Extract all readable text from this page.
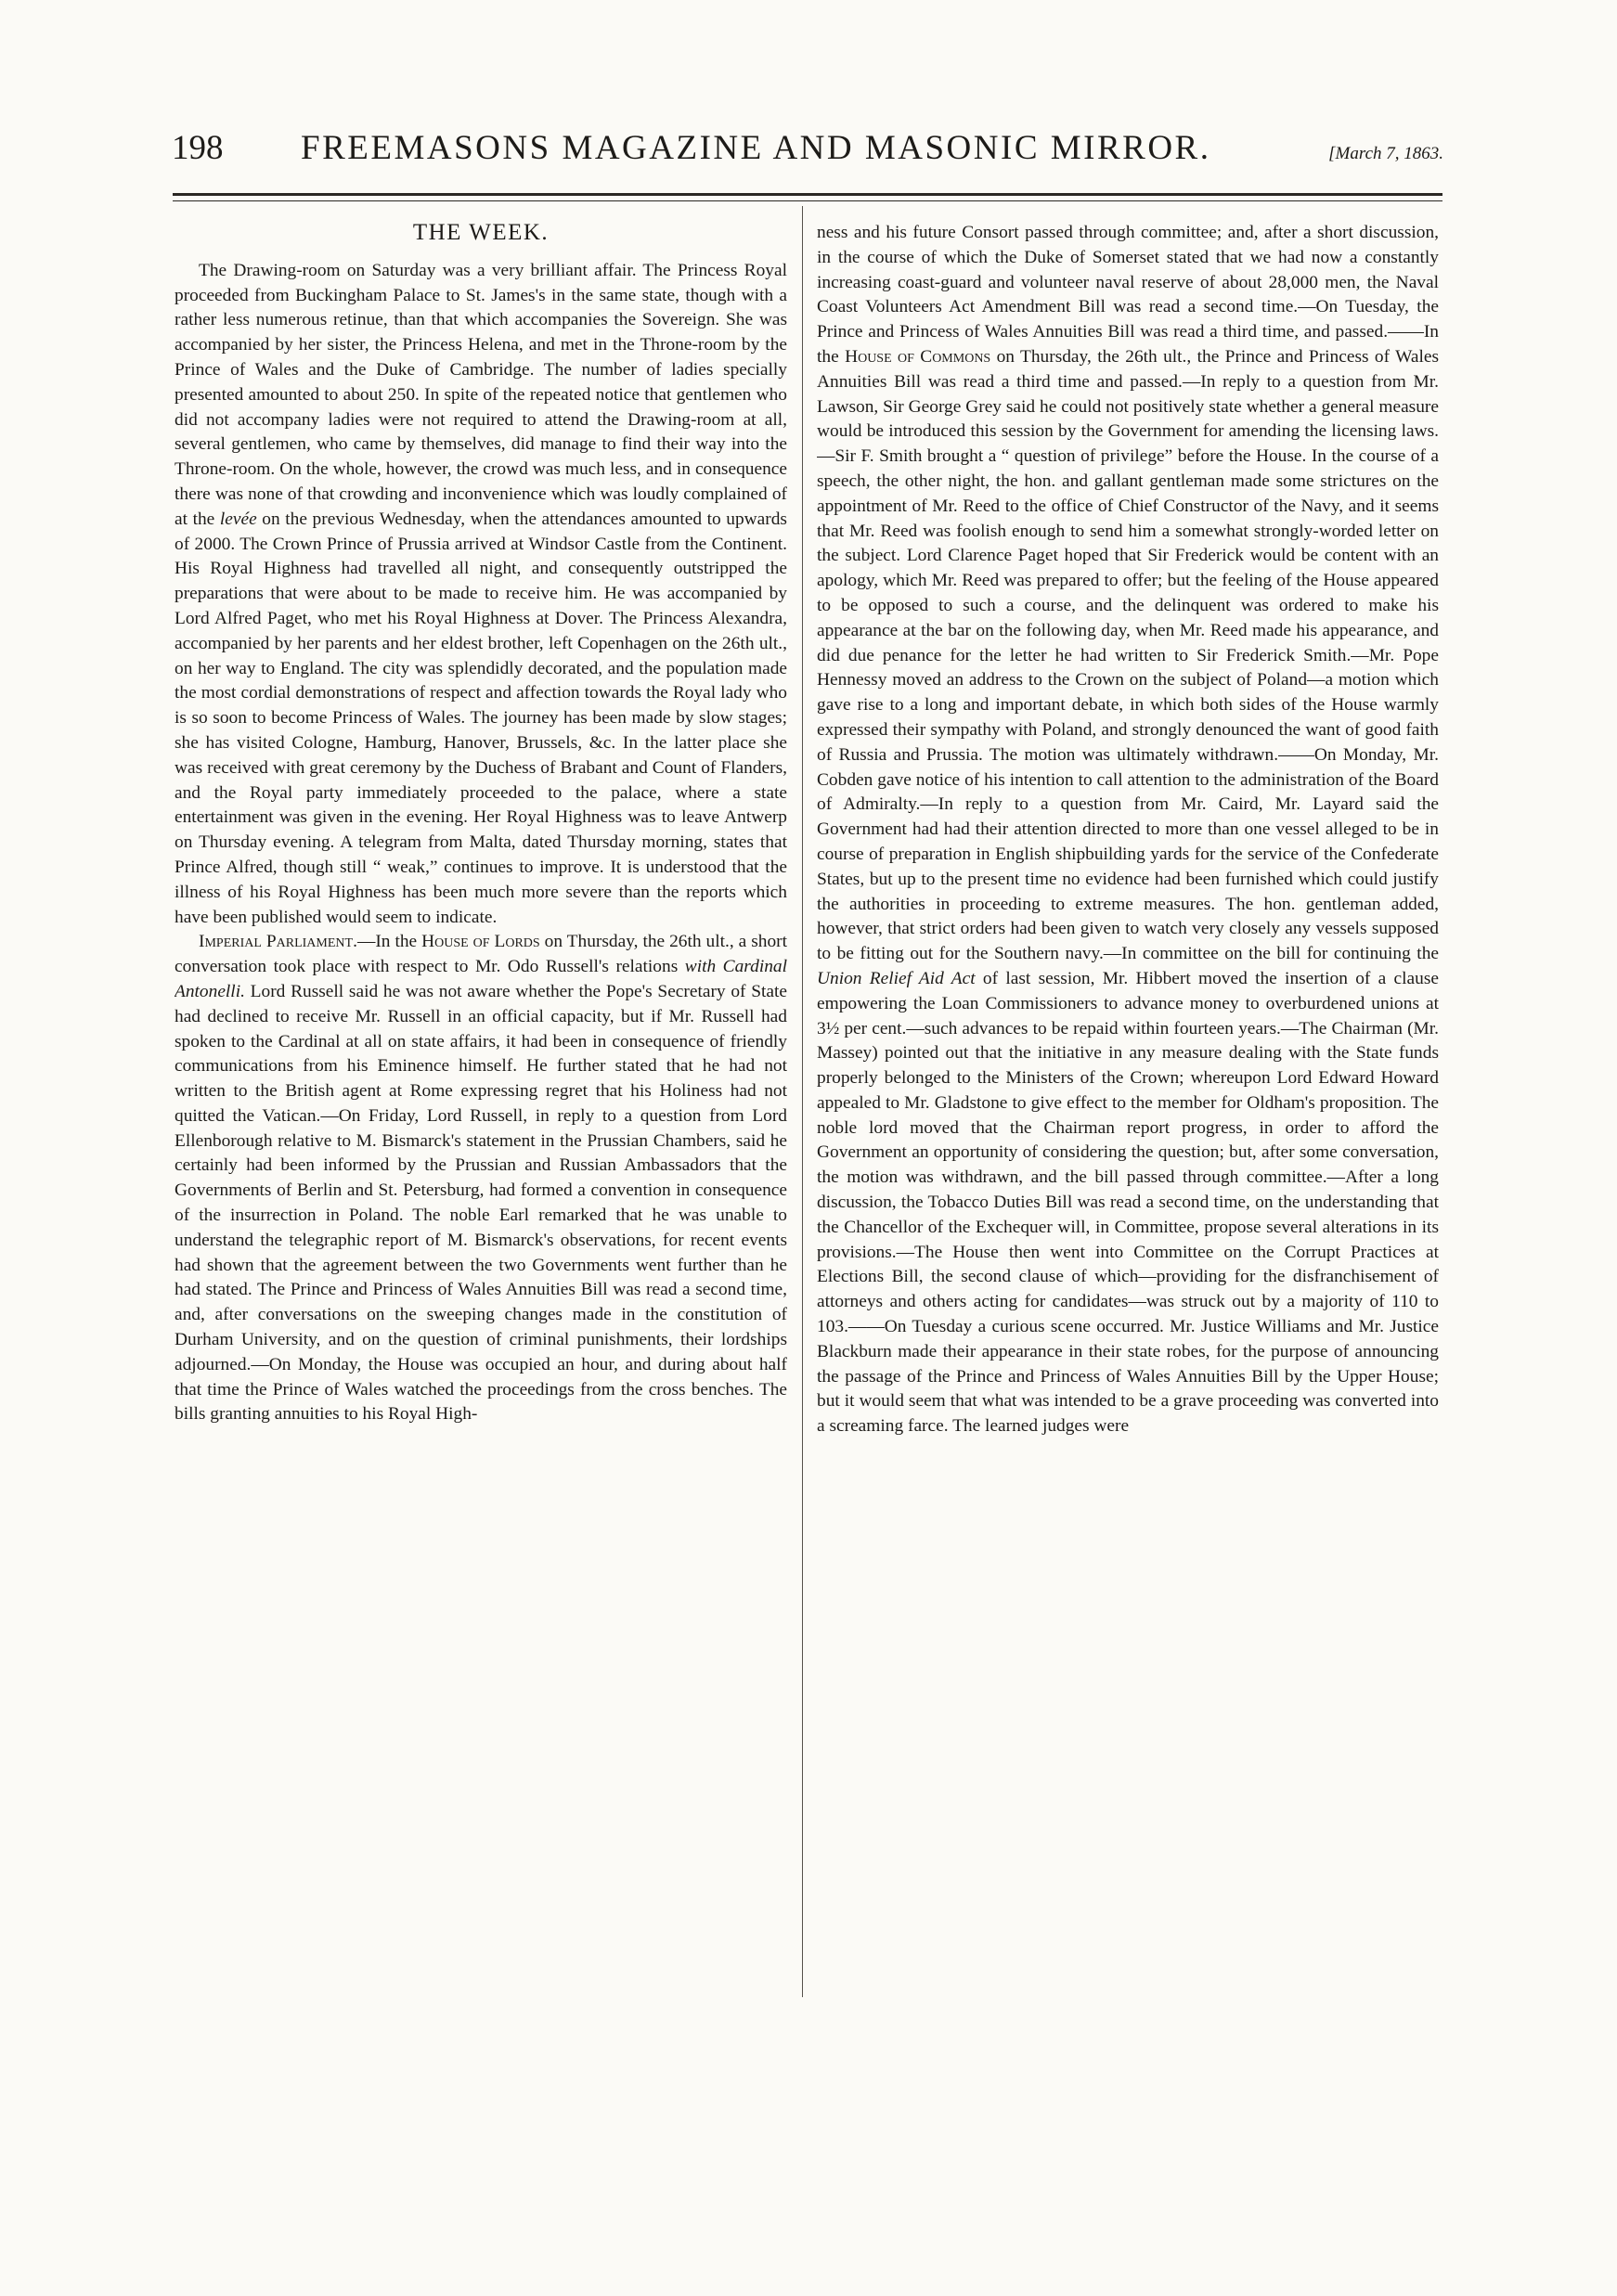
198	FREEMASONS MAGAZINE AND MASONIC MIRROR.	[March 7, 1863.
THE WEEK.

The Drawing-room on Saturday was a very brilliant affair. The Princess Royal proceeded from Buckingham Palace to St. James's in the same state, though with a rather less numerous retinue, than that which accompanies the Sovereign. She was accompanied by her sister, the Princess Helena, and met in the Throne-room by the Prince of Wales and the Duke of Cambridge. The number of ladies specially presented amounted to about 250. In spite of the repeated notice that gentlemen who did not accompany ladies were not required to attend the Drawing-room at all, several gentlemen, who came by themselves, did manage to find their way into the Throne-room. On the whole, however, the crowd was much less, and in consequence there was none of that crowding and inconvenience which was loudly complained of at the levée on the previous Wednesday, when the attendances amounted to upwards of 2000. The Crown Prince of Prussia arrived at Windsor Castle from the Continent. His Royal Highness had travelled all night, and consequently outstripped the preparations that were about to be made to receive him. He was accompanied by Lord Alfred Paget, who met his Royal Highness at Dover. The Princess Alexandra, accompanied by her parents and her eldest brother, left Copenhagen on the 26th ult., on her way to England. The city was splendidly decorated, and the population made the most cordial demonstrations of respect and affection towards the Royal lady who is so soon to become Princess of Wales. The journey has been made by slow stages; she has visited Cologne, Hamburg, Hanover, Brussels, &c. In the latter place she was received with great ceremony by the Duchess of Brabant and Count of Flanders, and the Royal party immediately proceeded to the palace, where a state entertainment was given in the evening. Her Royal Highness was to leave Antwerp on Thursday evening. A telegram from Malta, dated Thursday morning, states that Prince Alfred, though still “ weak,” continues to improve. It is understood that the illness of his Royal Highness has been much more severe than the reports which have been published would seem to indicate.

Imperial Parliament.—In the House of Lords on Thursday, the 26th ult., a short conversation took place with respect to Mr. Odo Russell's relations with Cardinal Antonelli. Lord Russell said he was not aware whether the Pope's Secretary of State had declined to receive Mr. Russell in an official capacity, but if Mr. Russell had spoken to the Cardinal at all on state affairs, it had been in consequence of friendly communications from his Eminence himself. He further stated that he had not written to the British agent at Rome expressing regret that his Holiness had not quitted the Vatican.—On Friday, Lord Russell, in reply to a question from Lord Ellenborough relative to M. Bismarck's statement in the Prussian Chambers, said he certainly had been informed by the Prussian and Russian Ambassadors that the Governments of Berlin and St. Petersburg, had formed a convention in consequence of the insurrection in Poland. The noble Earl remarked that he was unable to understand the telegraphic report of M. Bismarck's observations, for recent events had shown that the agreement between the two Governments went further than he had stated. The Prince and Princess of Wales Annuities Bill was read a second time, and, after conversations on the sweeping changes made in the constitution of Durham University, and on the question of criminal punishments, their lordships adjourned.—On Monday, the House was occupied an hour, and during about half that time the Prince of Wales watched the proceedings from the cross benches. The bills granting annuities to his Royal High-

ness and his future Consort passed through committee; and, after a short discussion, in the course of which the Duke of Somerset stated that we had now a constantly increasing coast-guard and volunteer naval reserve of about 28,000 men, the Naval Coast Volunteers Act Amendment Bill was read a second time.—On Tuesday, the Prince and Princess of Wales Annuities Bill was read a third time, and passed.——In the House of Commons on Thursday, the 26th ult., the Prince and Princess of Wales Annuities Bill was read a third time and passed.—In reply to a question from Mr. Lawson, Sir George Grey said he could not positively state whether a general measure would be introduced this session by the Government for amending the licensing laws.—Sir F. Smith brought a “ question of privilege” before the House. In the course of a speech, the other night, the hon. and gallant gentleman made some strictures on the appointment of Mr. Reed to the office of Chief Constructor of the Navy, and it seems that Mr. Reed was foolish enough to send him a somewhat strongly-worded letter on the subject. Lord Clarence Paget hoped that Sir Frederick would be content with an apology, which Mr. Reed was prepared to offer; but the feeling of the House appeared to be opposed to such a course, and the delinquent was ordered to make his appearance at the bar on the following day, when Mr. Reed made his appearance, and did due penance for the letter he had written to Sir Frederick Smith.—Mr. Pope Hennessy moved an address to the Crown on the subject of Poland—a motion which gave rise to a long and important debate, in which both sides of the House warmly expressed their sympathy with Poland, and strongly denounced the want of good faith of Russia and Prussia. The motion was ultimately withdrawn.——On Monday, Mr. Cobden gave notice of his intention to call attention to the administration of the Board of Admiralty.—In reply to a question from Mr. Caird, Mr. Layard said the Government had had their attention directed to more than one vessel alleged to be in course of preparation in English shipbuilding yards for the service of the Confederate States, but up to the present time no evidence had been furnished which could justify the authorities in proceeding to extreme measures. The hon. gentleman added, however, that strict orders had been given to watch very closely any vessels supposed to be fitting out for the Southern navy.—In committee on the bill for continuing the Union Relief Aid Act of last session, Mr. Hibbert moved the insertion of a clause empowering the Loan Commissioners to advance money to overburdened unions at 3½ per cent.—such advances to be repaid within fourteen years.—The Chairman (Mr. Massey) pointed out that the initiative in any measure dealing with the State funds properly belonged to the Ministers of the Crown; whereupon Lord Edward Howard appealed to Mr. Gladstone to give effect to the member for Oldham's proposition. The noble lord moved that the Chairman report progress, in order to afford the Government an opportunity of considering the question; but, after some conversation, the motion was withdrawn, and the bill passed through committee.—After a long discussion, the Tobacco Duties Bill was read a second time, on the understanding that the Chancellor of the Exchequer will, in Committee, propose several alterations in its provisions.—The House then went into Committee on the Corrupt Practices at Elections Bill, the second clause of which—providing for the disfranchisement of attorneys and others acting for candidates—was struck out by a majority of 110 to 103.——On Tuesday a curious scene occurred. Mr. Justice Williams and Mr. Justice Blackburn made their appearance in their state robes, for the purpose of announcing the passage of the Prince and Princess of Wales Annuities Bill by the Upper House; but it would seem that what was intended to be a grave proceeding was converted into a screaming farce. The learned judges were
